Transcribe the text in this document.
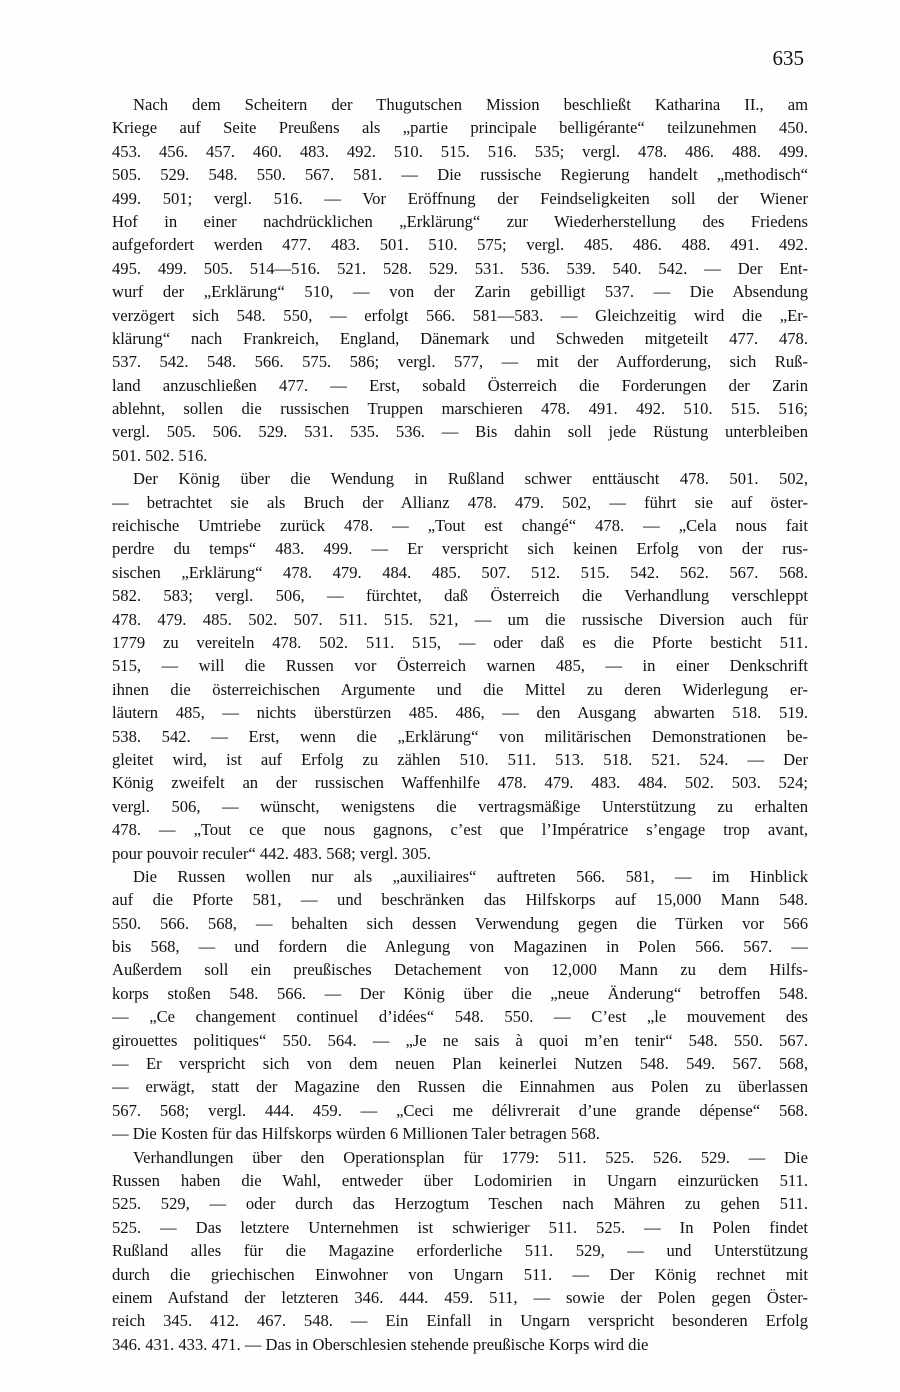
635
Nach dem Scheitern der Thugutschen Mission beschließt Katharina II., am
Kriege auf Seite Preußens als „partie principale belligérante“ teilzunehmen 450.
453. 456. 457. 460. 483. 492. 510. 515. 516. 535; vergl. 478. 486. 488. 499.
505. 529. 548. 550. 567. 581. — Die russische Regierung handelt „methodisch“
499. 501; vergl. 516. — Vor Eröffnung der Feindseligkeiten soll der Wiener
Hof in einer nachdrücklichen „Erklärung“ zur Wiederherstellung des Friedens
aufgefordert werden 477. 483. 501. 510. 575; vergl. 485. 486. 488. 491. 492.
495. 499. 505. 514—516. 521. 528. 529. 531. 536. 539. 540. 542. — Der Ent-
wurf der „Erklärung“ 510, — von der Zarin gebilligt 537. — Die Absendung
verzögert sich 548. 550, — erfolgt 566. 581—583. — Gleichzeitig wird die „Er-
klärung“ nach Frankreich, England, Dänemark und Schweden mitgeteilt 477. 478.
537. 542. 548. 566. 575. 586; vergl. 577, — mit der Aufforderung, sich Ruß-
land anzuschließen 477. — Erst, sobald Österreich die Forderungen der Zarin
ablehnt, sollen die russischen Truppen marschieren 478. 491. 492. 510. 515. 516;
vergl. 505. 506. 529. 531. 535. 536. — Bis dahin soll jede Rüstung unterbleiben
501. 502. 516.
Der König über die Wendung in Rußland schwer enttäuscht 478. 501. 502,
— betrachtet sie als Bruch der Allianz 478. 479. 502, — führt sie auf öster-
reichische Umtriebe zurück 478. — „Tout est changé“ 478. — „Cela nous fait
perdre du temps“ 483. 499. — Er verspricht sich keinen Erfolg von der rus-
sischen „Erklärung“ 478. 479. 484. 485. 507. 512. 515. 542. 562. 567. 568.
582. 583; vergl. 506, — fürchtet, daß Österreich die Verhandlung verschleppt
478. 479. 485. 502. 507. 511. 515. 521, — um die russische Diversion auch für
1779 zu vereiteln 478. 502. 511. 515, — oder daß es die Pforte besticht 511.
515, — will die Russen vor Österreich warnen 485, — in einer Denkschrift
ihnen die österreichischen Argumente und die Mittel zu deren Widerlegung er-
läutern 485, — nichts überstürzen 485. 486, — den Ausgang abwarten 518. 519.
538. 542. — Erst, wenn die „Erklärung“ von militärischen Demonstrationen be-
gleitet wird, ist auf Erfolg zu zählen 510. 511. 513. 518. 521. 524. — Der
König zweifelt an der russischen Waffenhilfe 478. 479. 483. 484. 502. 503. 524;
vergl. 506, — wünscht, wenigstens die vertragsmäßige Unterstützung zu erhalten
478. — „Tout ce que nous gagnons, c’est que l’Impératrice s’engage trop avant,
pour pouvoir reculer“ 442. 483. 568; vergl. 305.
Die Russen wollen nur als „auxiliaires“ auftreten 566. 581, — im Hinblick
auf die Pforte 581, — und beschränken das Hilfskorps auf 15,000 Mann 548.
550. 566. 568, — behalten sich dessen Verwendung gegen die Türken vor 566
bis 568, — und fordern die Anlegung von Magazinen in Polen 566. 567. —
Außerdem soll ein preußisches Detachement von 12,000 Mann zu dem Hilfs-
korps stoßen 548. 566. — Der König über die „neue Änderung“ betroffen 548.
— „Ce changement continuel d’idées“ 548. 550. — C’est „le mouvement des
girouettes politiques“ 550. 564. — „Je ne sais à quoi m’en tenir“ 548. 550. 567.
— Er verspricht sich von dem neuen Plan keinerlei Nutzen 548. 549. 567. 568,
— erwägt, statt der Magazine den Russen die Einnahmen aus Polen zu überlassen
567. 568; vergl. 444. 459. — „Ceci me délivrerait d’une grande dépense“ 568.
— Die Kosten für das Hilfskorps würden 6 Millionen Taler betragen 568.
Verhandlungen über den Operationsplan für 1779: 511. 525. 526. 529. — Die
Russen haben die Wahl, entweder über Lodomirien in Ungarn einzurücken 511.
525. 529, — oder durch das Herzogtum Teschen nach Mähren zu gehen 511.
525. — Das letztere Unternehmen ist schwieriger 511. 525. — In Polen findet
Rußland alles für die Magazine erforderliche 511. 529, — und Unterstützung
durch die griechischen Einwohner von Ungarn 511. — Der König rechnet mit
einem Aufstand der letzteren 346. 444. 459. 511, — sowie der Polen gegen Öster-
reich 345. 412. 467. 548. — Ein Einfall in Ungarn verspricht besonderen Erfolg
346. 431. 433. 471. — Das in Oberschlesien stehende preußische Korps wird die
